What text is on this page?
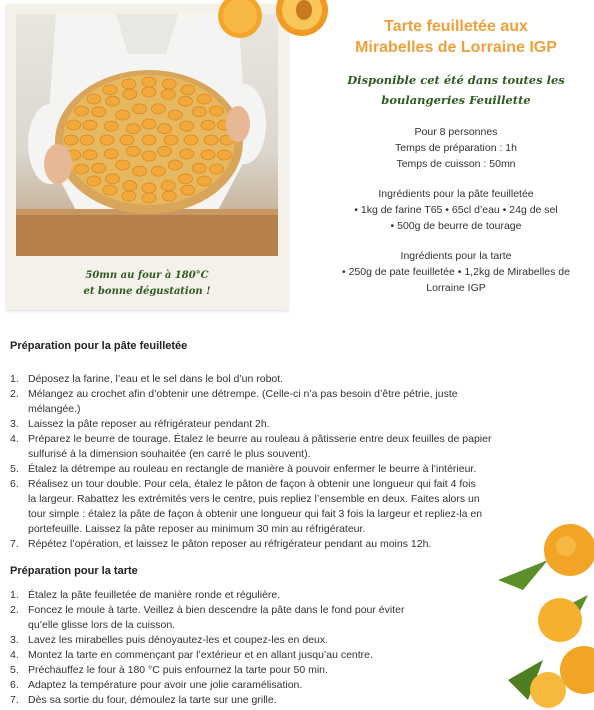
50mn au four à 180°C
et bonne dégustation !
Tarte feuilletée aux
Mirabelles de Lorraine IGP
Disponible cet été dans toutes les
boulangeries Feuillette
Pour 8 personnes
Temps de préparation : 1h
Temps de cuisson : 50mn
Ingrédients pour la pâte feuilletée
• 1kg de farine T65 • 65cl d’eau • 24g de sel
• 500g de beurre de tourage
Ingrédients pour la tarte
• 250g de pate feuilletée • 1,2kg de Mirabelles de
Lorraine IGP
Préparation pour la pâte feuilletée
1. Déposez la farine, l’eau et le sel dans le bol d’un robot.
2. Mélangez au crochet afin d’obtenir une détrempe. (Celle-ci n’a pas besoin d’être pétrie, juste
mélangée.)
3. Laissez la pâte reposer au réfrigérateur pendant 2h.
4. Préparez le beurre de tourage. Étalez le beurre au rouleau à pâtisserie entre deux feuilles de papier
sulfurisé à la dimension souhaitée (en carré le plus souvent).
5. Étalez la détrempe au rouleau en rectangle de manière à pouvoir enfermer le beurre à l’intérieur.
6. Réalisez un tour double. Pour cela, étalez le pâton de façon à obtenir une longueur qui fait 4 fois
la largeur. Rabattez les extrémités vers le centre, puis repliez l’ensemble en deux. Faites alors un
tour simple : étalez la pâte de façon à obtenir une longueur qui fait 3 fois la largeur et repliez-la en
portefeuille. Laissez la pâte reposer au minimum 30 min au réfrigérateur.
7. Répétez l’opération, et laissez le pâton reposer au réfrigérateur pendant au moins 12h.
Préparation pour la tarte
1. Étalez la pâte feuilletée de manière ronde et régulière.
2. Foncez le moule à tarte. Veillez à bien descendre la pâte dans le fond pour éviter
qu’elle glisse lors de la cuisson.
3. Lavez les mirabelles puis dénoyautez-les et coupez-les en deux.
4. Montez la tarte en commençant par l’extérieur et en allant jusqu’au centre.
5. Préchauffez le four à 180 °C puis enfournez la tarte pour 50 min.
6. Adaptez la température pour avoir une jolie caramélisation.
7. Dès sa sortie du four, démoulez la tarte sur une grille.
